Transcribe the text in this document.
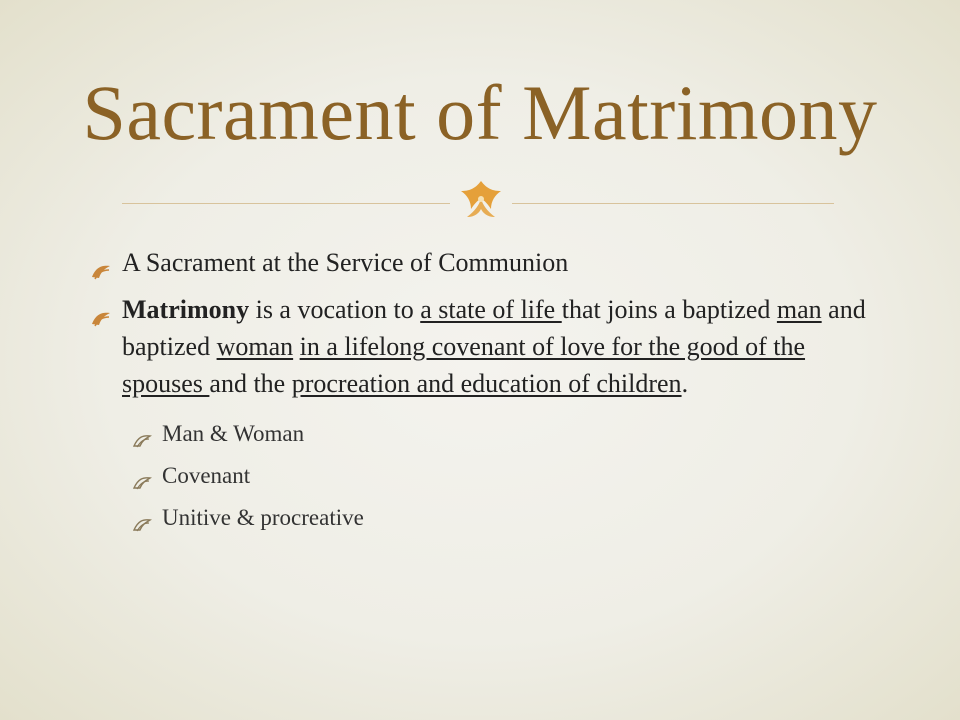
Sacrament of Matrimony
A Sacrament at the Service of Communion
Matrimony is a vocation to a state of life that joins a baptized man and baptized woman in a lifelong covenant of love for the good of the spouses and the procreation and education of children.
Man & Woman
Covenant
Unitive & procreative
